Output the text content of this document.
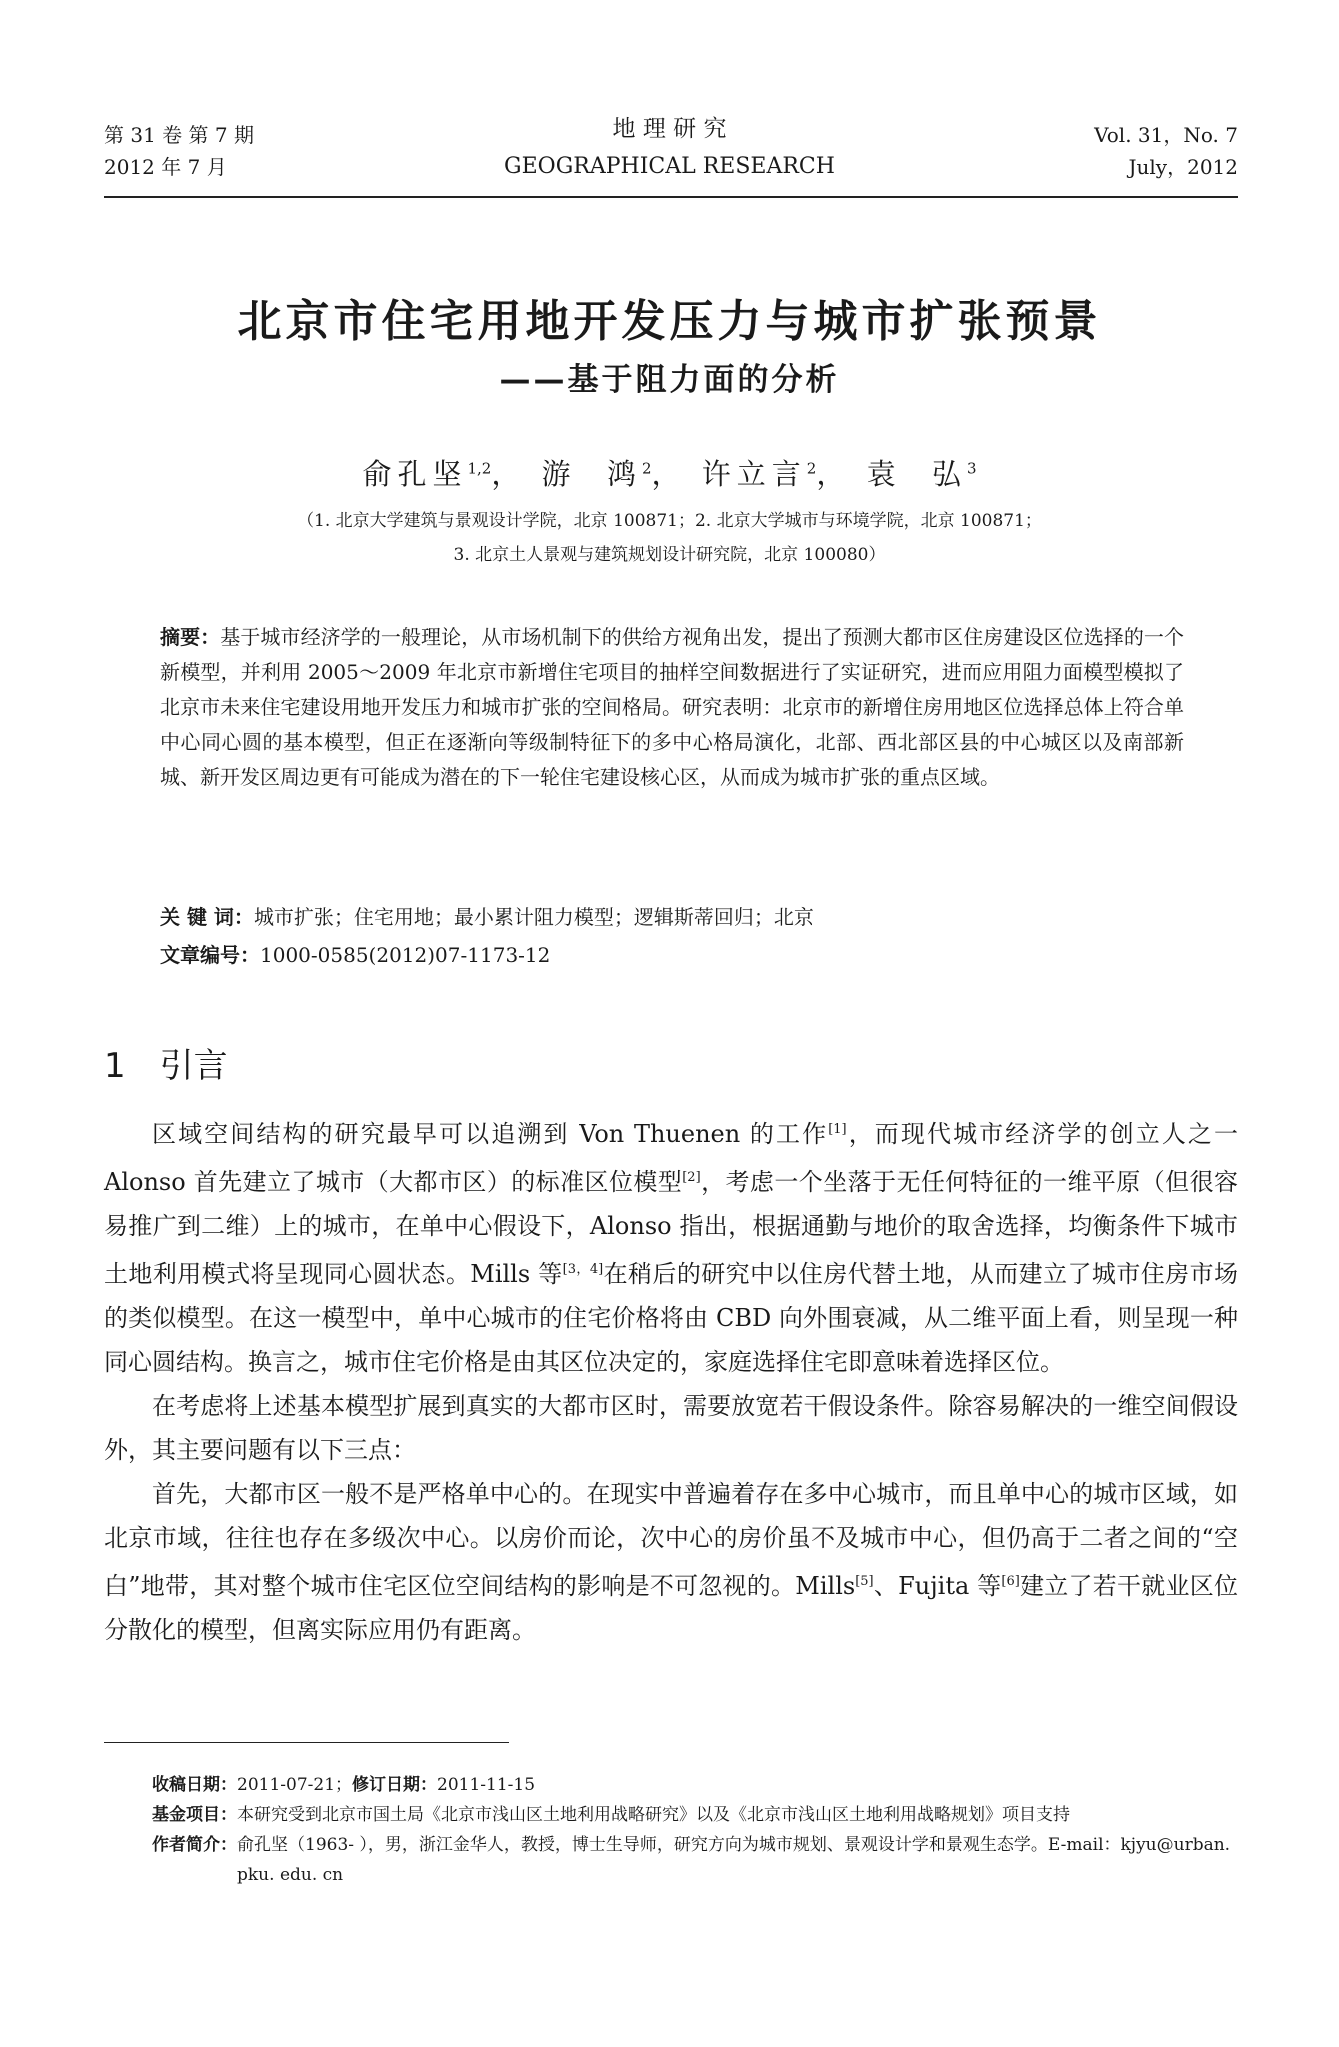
第 31 卷 第 7 期
2012 年 7 月
地 理 研 究
GEOGRAPHICAL RESEARCH
Vol. 31，No. 7
July，2012
北京市住宅用地开发压力与城市扩张预景
——基于阻力面的分析
俞孔坚$^{1,2}$， 游  鸿$^2$， 许立言$^2$， 袁  弘$^3$
（1. 北京大学建筑与景观设计学院，北京 100871；2. 北京大学城市与环境学院，北京 100871；
3. 北京土人景观与建筑规划设计研究院，北京 100080）
摘要：基于城市经济学的一般理论，从市场机制下的供给方视角出发，提出了预测大都市区住房建设区位选择的一个新模型，并利用 2005～2009 年北京市新增住宅项目的抽样空间数据进行了实证研究，进而应用阻力面模型模拟了北京市未来住宅建设用地开发压力和城市扩张的空间格局。研究表明：北京市的新增住房用地区位选择总体上符合单中心同心圆的基本模型，但正在逐渐向等级制特征下的多中心格局演化，北部、西北部区县的中心城区以及南部新城、新开发区周边更有可能成为潜在的下一轮住宅建设核心区，从而成为城市扩张的重点区域。
关 键 词：城市扩张；住宅用地；最小累计阻力模型；逻辑斯蒂回归；北京
文章编号：1000-0585(2012)07-1173-12
1 引言

区域空间结构的研究最早可以追溯到 Von Thuenen 的工作[1]，而现代城市经济学的创立人之一 Alonso 首先建立了城市（大都市区）的标准区位模型[2]，考虑一个坐落于无任何特征的一维平原（但很容易推广到二维）上的城市，在单中心假设下，Alonso 指出，根据通勤与地价的取舍选择，均衡条件下城市土地利用模式将呈现同心圆状态。Mills 等[3，4]在稍后的研究中以住房代替土地，从而建立了城市住房市场的类似模型。在这一模型中，单中心城市的住宅价格将由 CBD 向外围衰减，从二维平面上看，则呈现一种同心圆结构。换言之，城市住宅价格是由其区位决定的，家庭选择住宅即意味着选择区位。

在考虑将上述基本模型扩展到真实的大都市区时，需要放宽若干假设条件。除容易解决的一维空间假设外，其主要问题有以下三点：

首先，大都市区一般不是严格单中心的。在现实中普遍着存在多中心城市，而且单中心的城市区域，如北京市域，往往也存在多级次中心。以房价而论，次中心的房价虽不及城市中心，但仍高于二者之间的“空白”地带，其对整个城市住宅区位空间结构的影响是不可忽视的。Mills[5]、Fujita 等[6]建立了若干就业区位分散化的模型，但离实际应用仍有距离。

收稿日期： 2011-07-21； 修订日期： 2011-11-15
基金项目： 本研究受到北京市国土局《北京市浅山区土地利用战略研究》以及《北京市浅山区土地利用战略规划》项目支持
作者简介： 俞孔坚（1963- ），男，浙江金华人，教授，博士生导师，研究方向为城市规划、景观设计学和景观生态学。E-mail：kjyu@urban. pku. edu. cn
